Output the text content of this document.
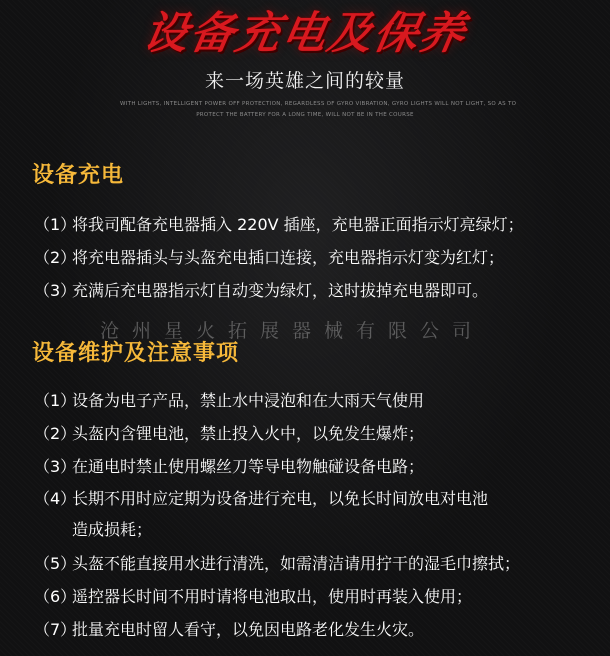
设备充电及保养
来一场英雄之间的较量
WITH LIGHTS, INTELLIGENT POWER OFF PROTECTION, REGARDLESS OF GYRO VIBRATION, GYRO LIGHTS WILL NOT LIGHT, SO AS TO
PROTECT THE BATTERY FOR A LONG TIME, WILL NOT BE IN THE COURSE
设备充电
（1）将我司配备充电器插入 220V 插座，充电器正面指示灯亮绿灯；
（2）将充电器插头与头盔充电插口连接，充电器指示灯变为红灯；
（3）充满后充电器指示灯自动变为绿灯，这时拔掉充电器即可。
沧州星火拓展器械有限公司
设备维护及注意事项
（1）设备为电子产品，禁止水中浸泡和在大雨天气使用
（2）头盔内含锂电池，禁止投入火中，以免发生爆炸；
（3）在通电时禁止使用螺丝刀等导电物触碰设备电路；
（4）长期不用时应定期为设备进行充电，以免长时间放电对电池
造成损耗；
（5）头盔不能直接用水进行清洗，如需清洁请用拧干的湿毛巾擦拭；
（6）遥控器长时间不用时请将电池取出，使用时再装入使用；
（7）批量充电时留人看守，以免因电路老化发生火灾。
